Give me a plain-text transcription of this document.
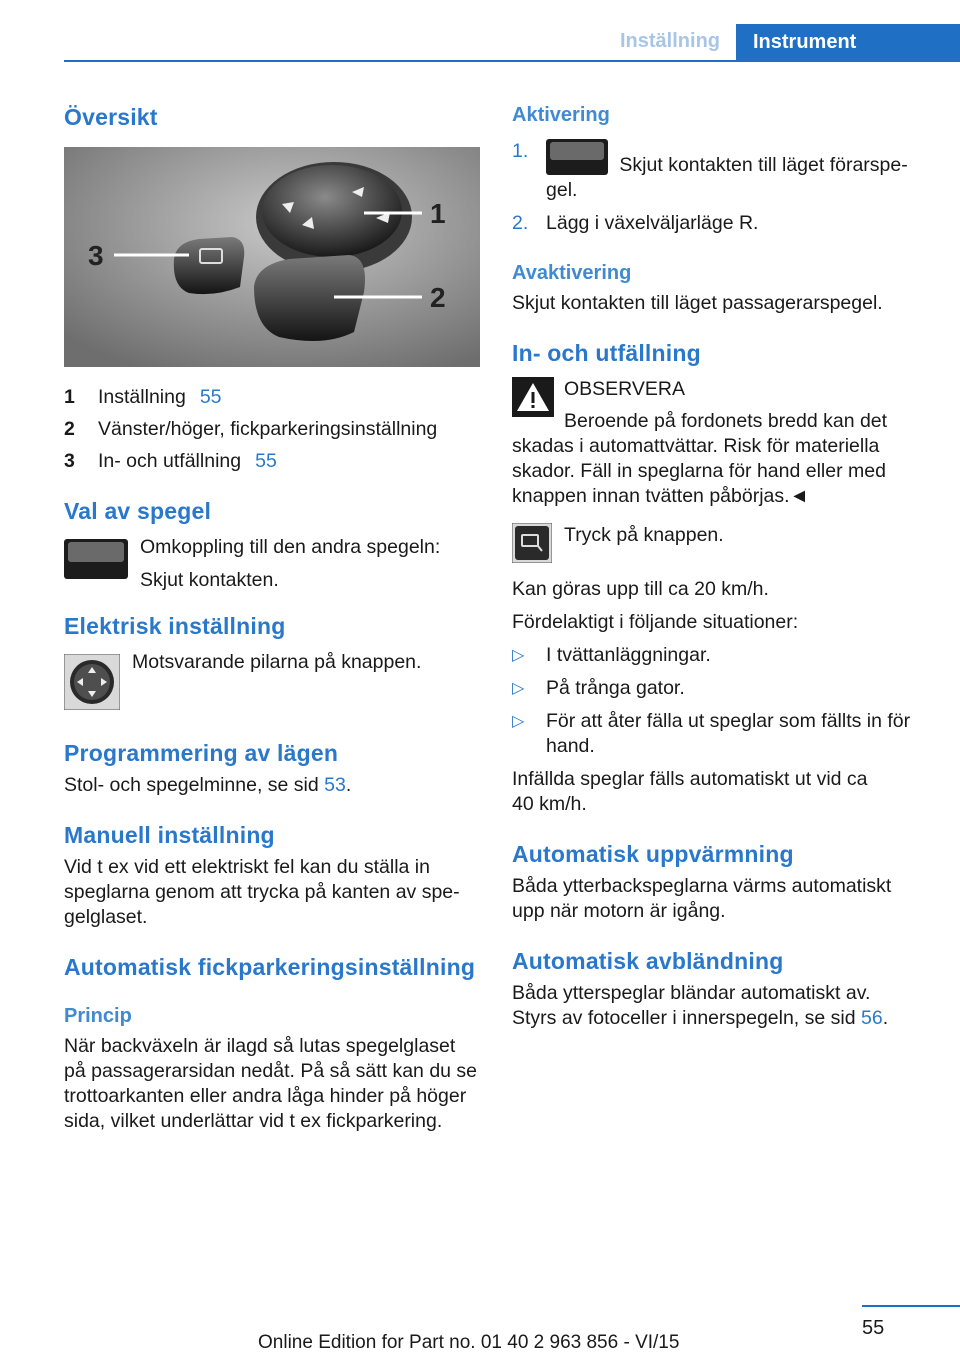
Inställning	Instrument
Översikt
1
2
3
1	Inställning 55
2	Vänster/höger, fickparkeringsinställning
3	In- och utfällning 55
Val av spegel

Omkoppling till den andra spegeln:

Skjut kontakten.

Elektrisk inställning

Motsvarande pilarna på knappen.

Programmering av lägen

Stol- och spegelminne, se sid 53.

Manuell inställning

Vid t ex vid ett elektriskt fel kan du ställa in

speglarna genom att trycka på kanten av spe-

gelglaset.

Automatisk fickparkeringsinställning
Princip

När backväxeln är ilagd så lutas spegelglaset

på passagerarsidan nedåt. På så sätt kan du se

trottoarkanten eller andra låga hinder på höger

sida, vilket underlättar vid t ex fickparkering.

Aktivering
1.
Skjut kontakten till läget förarspe-
gel.
2. Lägg i växelväljarläge R.
Avaktivering

Skjut kontakten till läget passagerarspegel.

In- och utfällning

OBSERVERA

Beroende på fordonets bredd kan det

skadas i automattvättar. Risk för materiella

skador. Fäll in speglarna för hand eller med

knappen innan tvätten påbörjas.◄

Tryck på knappen.

Kan göras upp till ca 20 km/h.

Fördelaktigt i följande situationer:

▷	I tvättanläggningar.
▷	På trånga gator.
▷	För att åter fälla ut speglar som fällts in för
hand.

Infällda speglar fälls automatiskt ut vid ca

40 km/h.

Automatisk uppvärmning

Båda ytterbackspeglarna värms automatiskt

upp när motorn är igång.

Automatisk avbländning

Båda ytterspeglar bländar automatiskt av.

Styrs av fotoceller i innerspegeln, se sid 56.

55
Online Edition for Part no. 01 40 2 963 856 - VI/15
